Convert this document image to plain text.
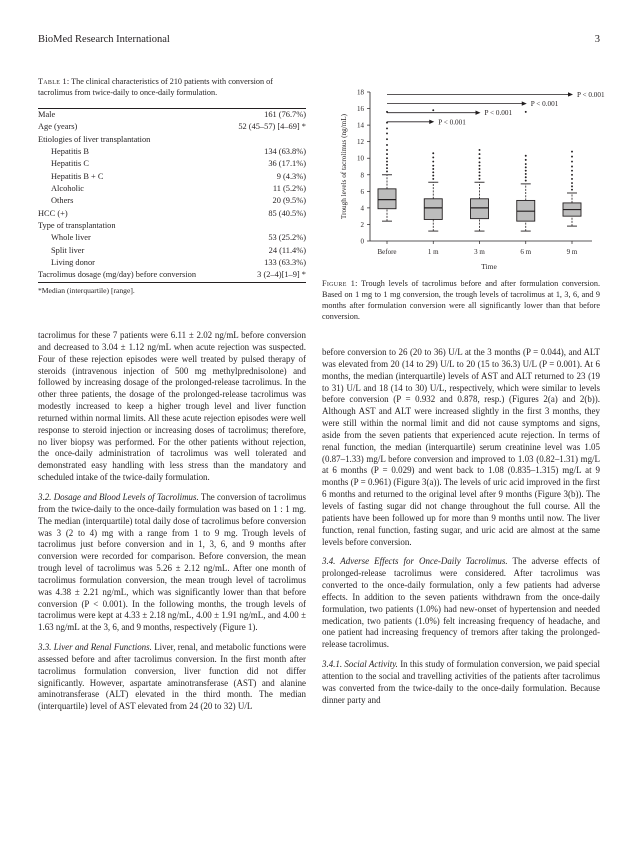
BioMed Research International	3
Table 1: The clinical characteristics of 210 patients with conversion of tacrolimus from twice-daily to once-daily formulation.
Male	161 (76.7%)
Age (years)	52 (45–57) [4–69] *
Etiologies of liver transplantation
Hepatitis B	134 (63.8%)
Hepatitis C	36 (17.1%)
Hepatitis B + C	9 (4.3%)
Alcoholic	11 (5.2%)
Others	20 (9.5%)
HCC (+)	85 (40.5%)
Type of transplantation
Whole liver	53 (25.2%)
Split liver	24 (11.4%)
Living donor	133 (63.3%)
Tacrolimus dosage (mg/day) before conversion	3 (2–4)[1–9] *
*Median (interquartile) [range].
0
2
4
6
8
10
12
14
16
18
Before	1 m	3 m	6 m	9 m
Time
Trough levels of tacrolimus (ng/mL)
P < 0.001
P < 0.001
P < 0.001
P < 0.001
Figure 1: Trough levels of tacrolimus before and after formulation conversion. Based on 1 mg to 1 mg conversion, the trough levels of tacrolimus at 1, 3, 6, and 9 months after formulation conversion were all significantly lower than that before conversion.

tacrolimus for these 7 patients were 6.11 ± 2.02 ng/mL before conversion and decreased to 3.04 ± 1.12 ng/mL when acute rejection was suspected. Four of these rejection episodes were well treated by pulsed therapy of steroids (intravenous injection of 500 mg methylprednisolone) and followed by increasing dosage of the prolonged-release tacrolimus. In the other three patients, the dosage of the prolonged-release tacrolimus was modestly increased to keep a higher trough level and liver function returned within normal limits. All these acute rejection episodes were well response to steroid injection or increasing doses of tacrolimus; therefore, no liver biopsy was performed. For the other patients without rejection, the once-daily administration of tacrolimus was well tolerated and demonstrated easy handling with less stress than the mandatory and scheduled intake of the twice-daily formulation.

3.2. Dosage and Blood Levels of Tacrolimus. The conversion of tacrolimus from the twice-daily to the once-daily formulation was based on 1 : 1 mg. The median (interquartile) total daily dose of tacrolimus before conversion was 3 (2 to 4) mg with a range from 1 to 9 mg. Trough levels of tacrolimus just before conversion and in 1, 3, 6, and 9 months after conversion were recorded for comparison. Before conversion, the mean trough level of tacrolimus was 5.26 ± 2.12 ng/mL. After one month of tacrolimus formulation conversion, the mean trough level of tacrolimus was 4.38 ± 2.21 ng/mL, which was significantly lower than that before conversion (P < 0.001). In the following months, the trough levels of tacrolimus were kept at 4.33 ± 2.18 ng/mL, 4.00 ± 1.91 ng/mL, and 4.00 ± 1.63 ng/mL at the 3, 6, and 9 months, respectively (Figure 1).

3.3. Liver and Renal Functions. Liver, renal, and metabolic functions were assessed before and after tacrolimus conversion. In the first month after tacrolimus formulation conversion, liver function did not differ significantly. However, aspartate aminotransferase (AST) and alanine aminotransferase (ALT) elevated in the third month. The median (interquartile) level of AST elevated from 24 (20 to 32) U/L

before conversion to 26 (20 to 36) U/L at the 3 months (P = 0.044), and ALT was elevated from 20 (14 to 29) U/L to 20 (15 to 36.3) U/L (P = 0.001). At 6 months, the median (interquartile) levels of AST and ALT returned to 23 (19 to 31) U/L and 18 (14 to 30) U/L, respectively, which were similar to levels before conversion (P = 0.932 and 0.878, resp.) (Figures 2(a) and 2(b)). Although AST and ALT were increased slightly in the first 3 months, they were still within the normal limit and did not cause symptoms and signs, aside from the seven patients that experienced acute rejection. In terms of renal function, the median (interquartile) serum creatinine level was 1.05 (0.87–1.33) mg/L before conversion and improved to 1.03 (0.82–1.31) mg/L at 6 months (P = 0.029) and went back to 1.08 (0.835–1.315) mg/L at 9 months (P = 0.961) (Figure 3(a)). The levels of uric acid improved in the first 6 months and returned to the original level after 9 months (Figure 3(b)). The levels of fasting sugar did not change throughout the full course. All the patients have been followed up for more than 9 months until now. The liver function, renal function, fasting sugar, and uric acid are almost at the same levels before conversion.

3.4. Adverse Effects for Once-Daily Tacrolimus. The adverse effects of prolonged-release tacrolimus were considered. After tacrolimus was converted to the once-daily formulation, only a few patients had adverse effects. In addition to the seven patients withdrawn from the once-daily formulation, two patients (1.0%) had new-onset of hypertension and needed medication, two patients (1.0%) felt increasing frequency of headache, and one patient had increasing frequency of tremors after taking the prolonged-release tacrolimus.

3.4.1. Social Activity. In this study of formulation conversion, we paid special attention to the social and travelling activities of the patients after tacrolimus was converted from the twice-daily to the once-daily formulation. Because dinner party and
